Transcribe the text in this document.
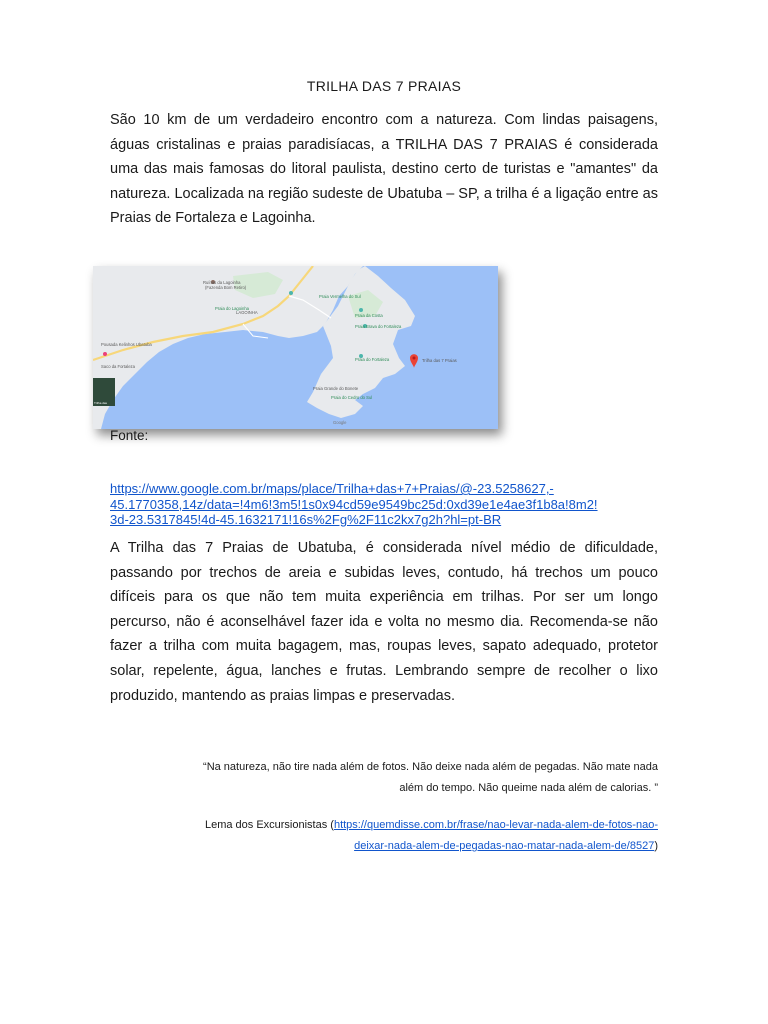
TRILHA DAS 7 PRAIAS

São 10 km de um verdadeiro encontro com a natureza. Com lindas paisagens, águas cristalinas e praias paradisíacas, a TRILHA DAS 7 PRAIAS é considerada uma das mais famosas do litoral paulista, destino certo de turistas e "amantes" da natureza. Localizada na região sudeste de Ubatuba – SP, a trilha é a ligação entre as Praias de Fortaleza e Lagoinha.

Ruínas da Lagoinha
(Fazenda Bom Retiro)
Praia Vermelha do Sul
Praia da Costa
Praia do Lagoinha
LAGOINHA
Praia Brava do Fortaleza
Praia do Fortaleza
Pousada Kelinhos Ubatuba
Saco da Fortaleza
Praia Grande do Bonete
Praia do Cedro do Sul
Trilha das 7 Praias
Trilha das
Google
Fonte:
https://www.google.com.br/maps/place/Trilha+das+7+Praias/@-23.5258627,-
45.1770358,14z/data=!4m6!3m5!1s0x94cd59e9549bc25d:0xd39e1e4ae3f1b8a!8m2!
3d-23.5317845!4d-45.1632171!16s%2Fg%2F11c2kx7g2h?hl=pt-BR

A Trilha das 7 Praias de Ubatuba, é considerada nível médio de dificuldade, passando por trechos de areia e subidas leves, contudo, há trechos um pouco difíceis para os que não tem muita experiência em trilhas. Por ser um longo percurso, não é aconselhável fazer ida e volta no mesmo dia. Recomenda-se não fazer a trilha com muita bagagem, mas, roupas leves, sapato adequado, protetor solar, repelente, água, lanches e frutas. Lembrando sempre de recolher o lixo produzido, mantendo as praias limpas e preservadas.

“Na natureza, não tire nada além de fotos. Não deixe nada além de pegadas. Não mate nada
além do tempo. Não queime nada além de calorias. ”
Lema dos Excursionistas (https://quemdisse.com.br/frase/nao-levar-nada-alem-de-fotos-nao-
deixar-nada-alem-de-pegadas-nao-matar-nada-alem-de/8527)
